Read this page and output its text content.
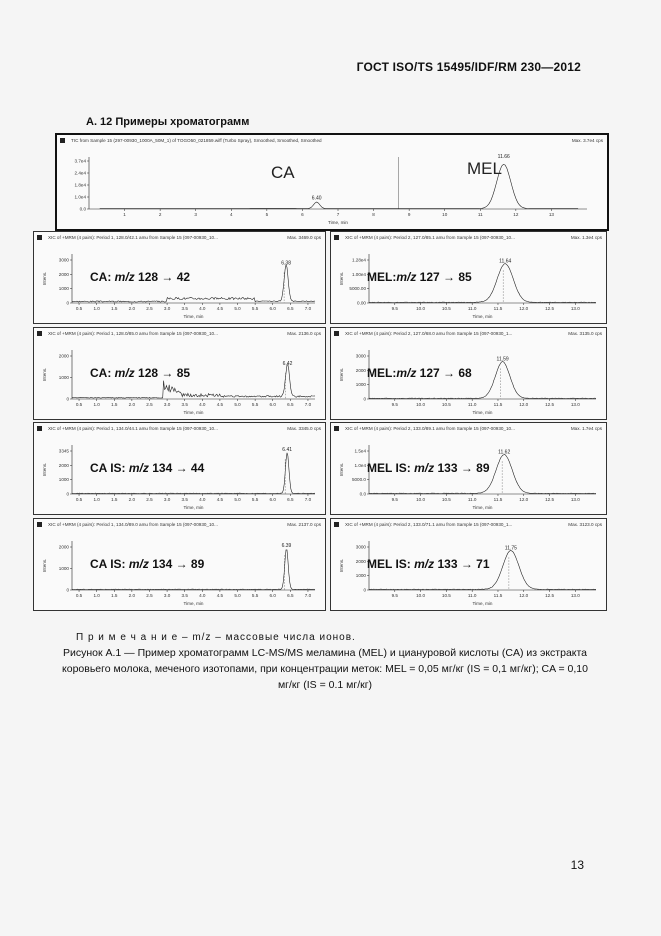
ГОСТ ISO/TS 15495/IDF/RM 230—2012
А. 12 Примеры хроматограмм
TIC from Sample 15 (297-00930_1000A_50M_1) of TOGO50_021859.wiff (Turbo Spray), Smoothed, Smoothed, Smoothed	Max. 3.7e4 cps
CA	MEL
3.7e4
2.4e4
1.8e4
1.0e4
0.0
1	2	3	4	5	6	7	8	9	10	11	12	13
Time, min
6.40
11.66
XIC of +MRM (4 pairs): Period 1, 128.0/42.1 amu from Sample 15 (097-00930_10...	Max. 3469.0 cps
CA: m/z 128 → 42
3000
2000
1000
0
Intens.
0.5 1.0 1.5 2.0 2.5 3.0 3.5 4.0 4.5 5.0 5.5 6.0 6.5 7.0
Time, min
6.38
XIC of +MRM (4 pairs): Period 2, 127.0/85.1 amu from Sample 15 (097-00930_10...	Max. 1.3e4 cps
MEL:m/z 127 → 85
1.28e4
1.00e4
5000.00
0.00
Intens.
9.5	10.0	10.5	11.0	11.5	12.0	12.5	13.0
Time, min
11.64
XIC of +MRM (4 pairs): Period 1, 128.0/85.0 amu from Sample 15 (097-00930_10...	Max. 2136.0 cps
CA: m/z 128 → 85
2000
1000
0
Intens.
0.5 1.0 1.5 2.0 2.5 3.0 3.5 4.0 4.5 5.0 5.5 6.0 6.5 7.0
Time, min
6.42
XIC of +MRM (4 pairs): Period 2, 127.0/68.0 amu from Sample 15 (097-00930_1...	Max. 3135.0 cps
MEL:m/z 127 → 68
3000
2000
1000
0
Intens.
9.5	10.0	10.5	11.0	11.5	12.0	12.5	13.0
Time, min
11.59
XIC of +MRM (4 pairs): Period 1, 134.0/44.1 amu from Sample 15 (097-00930_10...	Max. 3345.0 cps
CA IS: m/z 134 → 44
3345
2000
1000
0
Intens.
0.5 1.0 1.5 2.0 2.5 3.0 3.5 4.0 4.5 5.0 5.5 6.0 6.5 7.0
Time, min
6.41
XIC of +MRM (4 pairs): Period 2, 133.0/89.1 amu from Sample 15 (097-00930_10...	Max. 1.7e4 cps
MEL IS: m/z 133 → 89
1.5e4
1.0e4
5000.0
0.0
Intens.
9.5	10.0	10.5	11.0	11.5	12.0	12.5	13.0
Time, min
11.62
XIC of +MRM (4 pairs): Period 1, 134.0/89.0 amu from Sample 15 (097-00930_10...	Max. 2137.0 cps
CA IS: m/z 134 → 89
2000
1000
0
Intens.
0.5 1.0 1.5 2.0 2.5 3.0 3.5 4.0 4.5 5.0 5.5 6.0 6.5 7.0
Time, min
6.39
XIC of +MRM (4 pairs): Period 2, 133.0/71.1 amu from Sample 15 (097-00930_1...	Max. 3123.0 cps
MEL IS: m/z 133 → 71
3000
2000
1000
0
Intens.
9.5	10.0	10.5	11.0	11.5	12.0	12.5	13.0
Time, min
11.75
П р и м е ч а н и е – m/z – массовые числа ионов.
Рисунок А.1 — Пример хроматограмм LC-MS/MS меламина (MEL) и циануровой кислоты (CA) из экстракта коровьего молока, меченого изотопами, при концентрации меток: MEL = 0,05 мг/кг (IS = 0,1 мг/кг); CA = 0,10 мг/кг (IS = 0.1 мг/кг)
13
